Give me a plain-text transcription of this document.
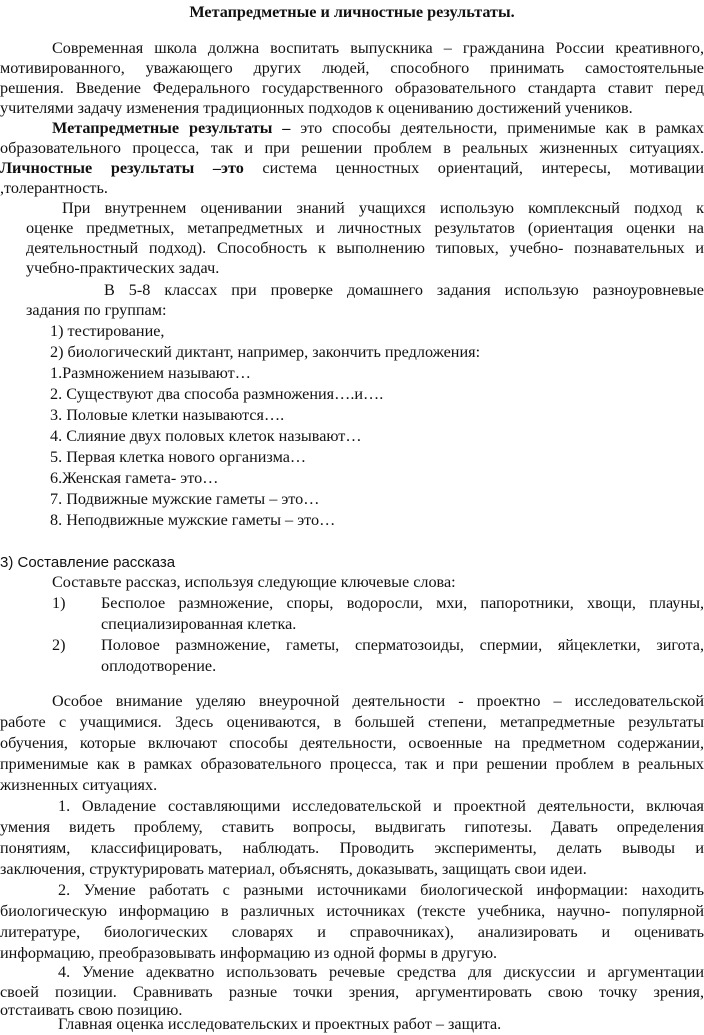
Метапредметные и личностные результаты.
Современная школа должна воспитать выпускника – гражданина России креативного,
мотивированного, уважающего других людей, способного принимать самостоятельные
решения. Введение Федерального государственного образовательного стандарта ставит перед
учителями задачу изменения традиционных подходов к оцениванию достижений учеников.
Метапредметные результаты – это способы деятельности, применимые как в рамках
образовательного процесса, так и при решении проблем в реальных жизненных ситуациях.
Личностные результаты –это система ценностных ориентаций, интересы, мотивации
,толерантность.
При внутреннем оценивании знаний учащихся использую комплексный подход к
оценке предметных, метапредметных и личностных результатов (ориентация оценки на
деятельностный подход). Способность к выполнению типовых, учебно- познавательных и
учебно-практических задач.
В 5-8 классах при проверке домашнего задания использую разноуровневые
задания по группам:
1) тестирование,
2) биологический диктант, например, закончить предложения:
1.Размножением называют…
2. Существуют два способа размножения….и….
3. Половые клетки называются….
4. Слияние двух половых клеток называют…
5. Первая клетка нового организма…
6.Женская гамета- это…
7. Подвижные мужские гаметы – это…
8. Неподвижные мужские гаметы – это…
3) Составление рассказа
Составьте рассказ, используя следующие ключевые слова:
1)	Бесполое размножение, споры, водоросли, мхи, папоротники, хвощи, плауны,
специализированная клетка.
2)	Половое размножение, гаметы, сперматозоиды, спермии, яйцеклетки, зигота,
оплодотворение.
Особое внимание уделяю внеурочной деятельности - проектно – исследовательской
работе с учащимися. Здесь оцениваются, в большей степени, метапредметные результаты
обучения, которые включают способы деятельности, освоенные на предметном содержании,
применимые как в рамках образовательного процесса, так и при решении проблем в реальных
жизненных ситуациях.
1. Овладение составляющими исследовательской и проектной деятельности, включая
умения видеть проблему, ставить вопросы, выдвигать гипотезы. Давать определения
понятиям, классифицировать, наблюдать. Проводить эксперименты, делать выводы и
заключения, структурировать материал, объяснять, доказывать, защищать свои идеи.
2. Умение работать с разными источниками биологической информации: находить
биологическую информацию в различных источниках (тексте учебника, научно- популярной
литературе, биологических словарях и справочниках), анализировать и оценивать
информацию, преобразовывать информацию из одной формы в другую.
4. Умение адекватно использовать речевые средства для дискуссии и аргументации
своей позиции. Сравнивать разные точки зрения, аргументировать свою точку зрения,
отстаивать свою позицию.
Главная оценка исследовательских и проектных работ – защита.
